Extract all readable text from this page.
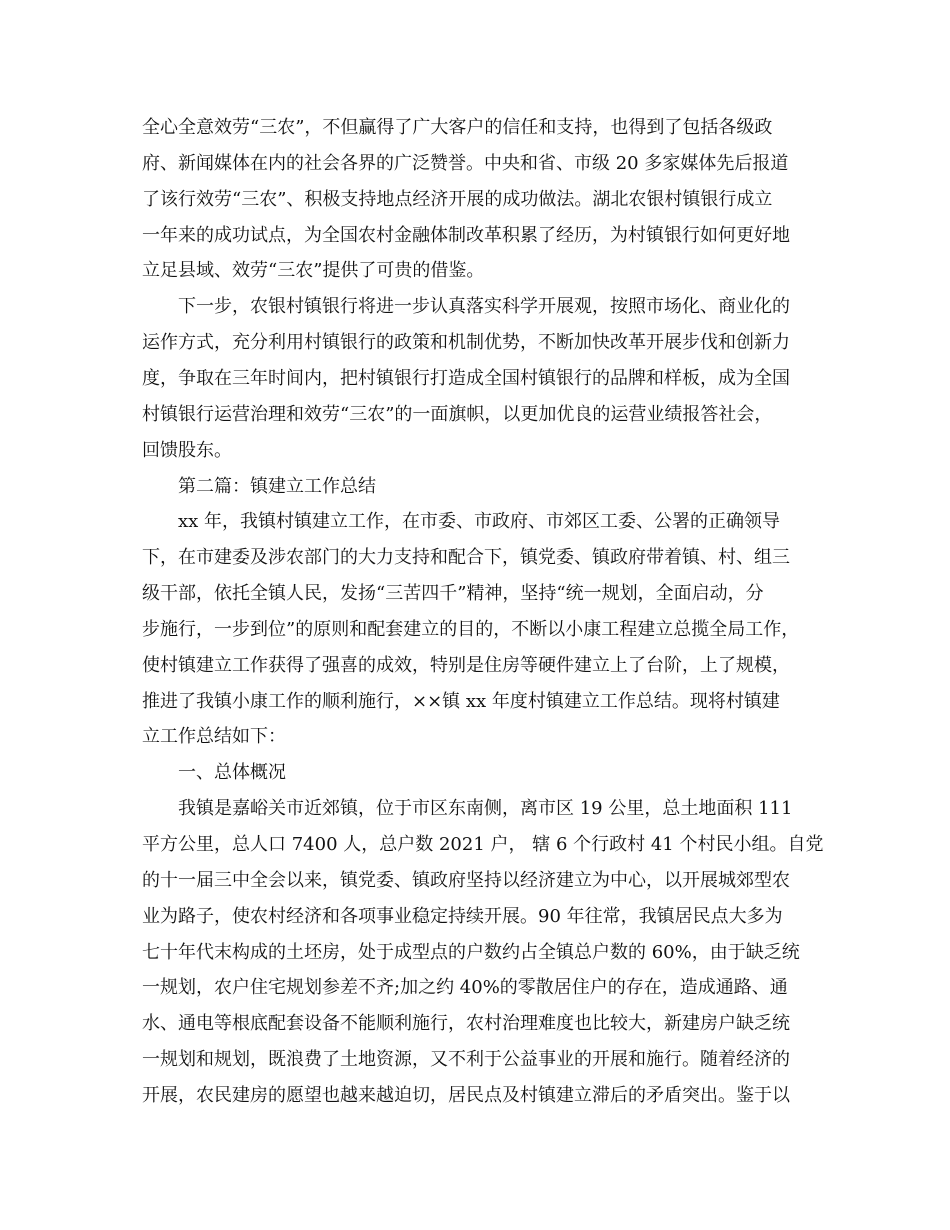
全心全意效劳“三农”，不但赢得了广大客户的信任和支持，也得到了包括各级政
府、新闻媒体在内的社会各界的广泛赞誉。中央和省、市级 20 多家媒体先后报道
了该行效劳“三农”、积极支持地点经济开展的成功做法。湖北农银村镇银行成立
一年来的成功试点，为全国农村金融体制改革积累了经历，为村镇银行如何更好地
立足县域、效劳“三农”提供了可贵的借鉴。
下一步，农银村镇银行将进一步认真落实科学开展观，按照市场化、商业化的
运作方式，充分利用村镇银行的政策和机制优势，不断加快改革开展步伐和创新力
度，争取在三年时间内，把村镇银行打造成全国村镇银行的品牌和样板，成为全国
村镇银行运营治理和效劳“三农”的一面旗帜，以更加优良的运营业绩报答社会，
回馈股东。
第二篇：镇建立工作总结
xx 年，我镇村镇建立工作，在市委、市政府、市郊区工委、公署的正确领导
下，在市建委及涉农部门的大力支持和配合下，镇党委、镇政府带着镇、村、组三
级干部，依托全镇人民，发扬“三苦四千”精神，坚持“统一规划，全面启动，分
步施行，一步到位”的原则和配套建立的目的，不断以小康工程建立总揽全局工作，
使村镇建立工作获得了强喜的成效，特别是住房等硬件建立上了台阶，上了规模，
推进了我镇小康工作的顺利施行，××镇 xx 年度村镇建立工作总结。现将村镇建
立工作总结如下：
一、总体概况
我镇是嘉峪关市近郊镇，位于市区东南侧，离市区 19 公里，总土地面积 111
平方公里，总人口 7400 人，总户数 2021 户， 辖 6 个行政村 41 个村民小组。自党
的十一届三中全会以来，镇党委、镇政府坚持以经济建立为中心，以开展城郊型农
业为路子，使农村经济和各项事业稳定持续开展。90 年往常，我镇居民点大多为
七十年代末构成的土坯房，处于成型点的户数约占全镇总户数的 60%，由于缺乏统
一规划，农户住宅规划参差不齐;加之约 40%的零散居住户的存在，造成通路、通
水、通电等根底配套设备不能顺利施行，农村治理难度也比较大，新建房户缺乏统
一规划和规划，既浪费了土地资源，又不利于公益事业的开展和施行。随着经济的
开展，农民建房的愿望也越来越迫切，居民点及村镇建立滞后的矛盾突出。鉴于以
